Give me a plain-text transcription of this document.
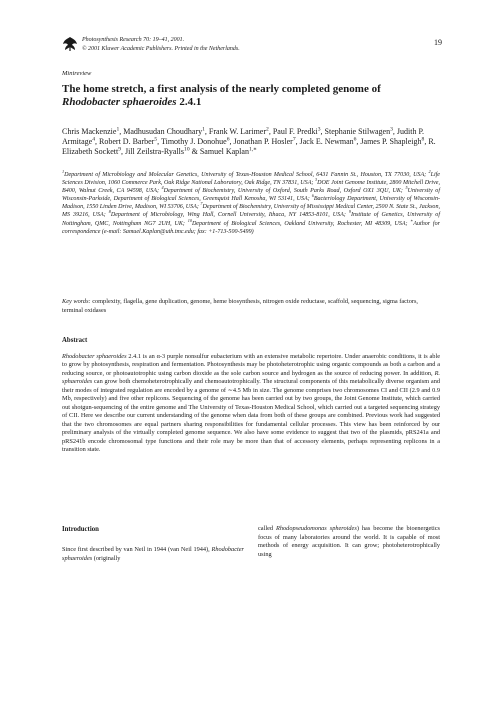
Photosynthesis Research 70: 19–41, 2001.
© 2001 Kluwer Academic Publishers. Printed in the Netherlands.
19
Minireview
The home stretch, a first analysis of the nearly completed genome of
Rhodobacter sphaeroides 2.4.1

Chris Mackenzie$^1$, Madhusudan Choudhary$^1$, Frank W. Larimer$^2$, Paul F. Predki$^3$, Stephanie Stilwagen$^3$, Judith P. Armitage$^4$, Robert D. Barber$^5$, Timothy J. Donohue$^6$, Jonathan P. Hosler$^7$, Jack E. Newman$^6$, James P. Shapleigh$^8$, R. Elizabeth Sockett$^9$, Jill Zeilstra-Ryalls$^{10}$ & Samuel Kaplan$^{1,∗}$

$^1$Department of Microbiology and Molecular Genetics, University of Texas-Houston Medical School, 6431 Fannin St., Houston, TX 77030, USA; $^2$Life Sciences Division, 1060 Commerce Park, Oak Ridge National Laboratory, Oak Ridge, TN 37831, USA; $^3$DOE Joint Genome Institute, 2800 Mitchell Drive, B400, Walnut Creek, CA 94598, USA; $^4$Department of Biochemistry, University of Oxford, South Parks Road, Oxford OX1 3QU, UK; $^5$University of Wisconsin-Parkside, Department of Biological Sciences, Greenquist Hall Kenosha, WI 53141, USA; $^6$Bacteriology Department, University of Wisconsin-Madison, 1550 Linden Drive, Madison, WI 53706, USA; $^7$Department of Biochemistry, University of Mississippi Medical Center, 2500 N. State St., Jackson, MS 39216, USA; $^8$Department of Microbiology, Wing Hall, Cornell University, Ithaca, NY 14853-8101, USA; $^9$Institute of Genetics, University of Nottingham, QMC, Nottingham NG7 2UH, UK; $^{10}$Department of Biological Sciences, Oakland University, Rochester, MI 48309, USA; ∗Author for correspondence (e-mail: Samuel.Kaplan@uth.tmc.edu; fax: +1-713-500-5499)

Key words: complexity, flagella, gene duplication, genome, heme biosynthesis, nitrogen oxide reductase, scaffold, sequencing, sigma factors, terminal oxidases

Abstract

Rhodobacter sphaeroides 2.4.1 is an α-3 purple nonsulfur eubacterium with an extensive metabolic repertoire. Under anaerobic conditions, it is able to grow by photosynthesis, respiration and fermentation. Photosynthesis may be photoheterotrophic using organic compounds as both a carbon and a reducing source, or photoautotrophic using carbon dioxide as the sole carbon source and hydrogen as the source of reducing power. In addition, R. sphaeroides can grow both chemoheterotrophically and chemoautotrophically. The structural components of this metabolically diverse organism and their modes of integrated regulation are encoded by a genome of ∼4.5 Mb in size. The genome comprises two chromosomes CI and CII (2.9 and 0.9 Mb, respectively) and five other replicons. Sequencing of the genome has been carried out by two groups, the Joint Genome Institute, which carried out shotgun-sequencing of the entire genome and The University of Texas-Houston Medical School, which carried out a targeted sequencing strategy of CII. Here we describe our current understanding of the genome when data from both of these groups are combined. Previous work had suggested that the two chromosomes are equal partners sharing responsibilities for fundamental cellular processes. This view has been reinforced by our preliminary analysis of the virtually completed genome sequence. We also have some evidence to suggest that two of the plasmids, pRS241a and pRS241b encode chromosomal type functions and their role may be more than that of accessory elements, perhaps representing replicons in a transition state.

Introduction

Since first described by van Neil in 1944 (van Neil 1944), Rhodobacter sphaeroides (originally

called Rhodopseudomonas spheroides) has become the bioenergetics focus of many laboratories around the world. It is capable of most methods of energy acquisition. It can grow; photoheterotrophically using
